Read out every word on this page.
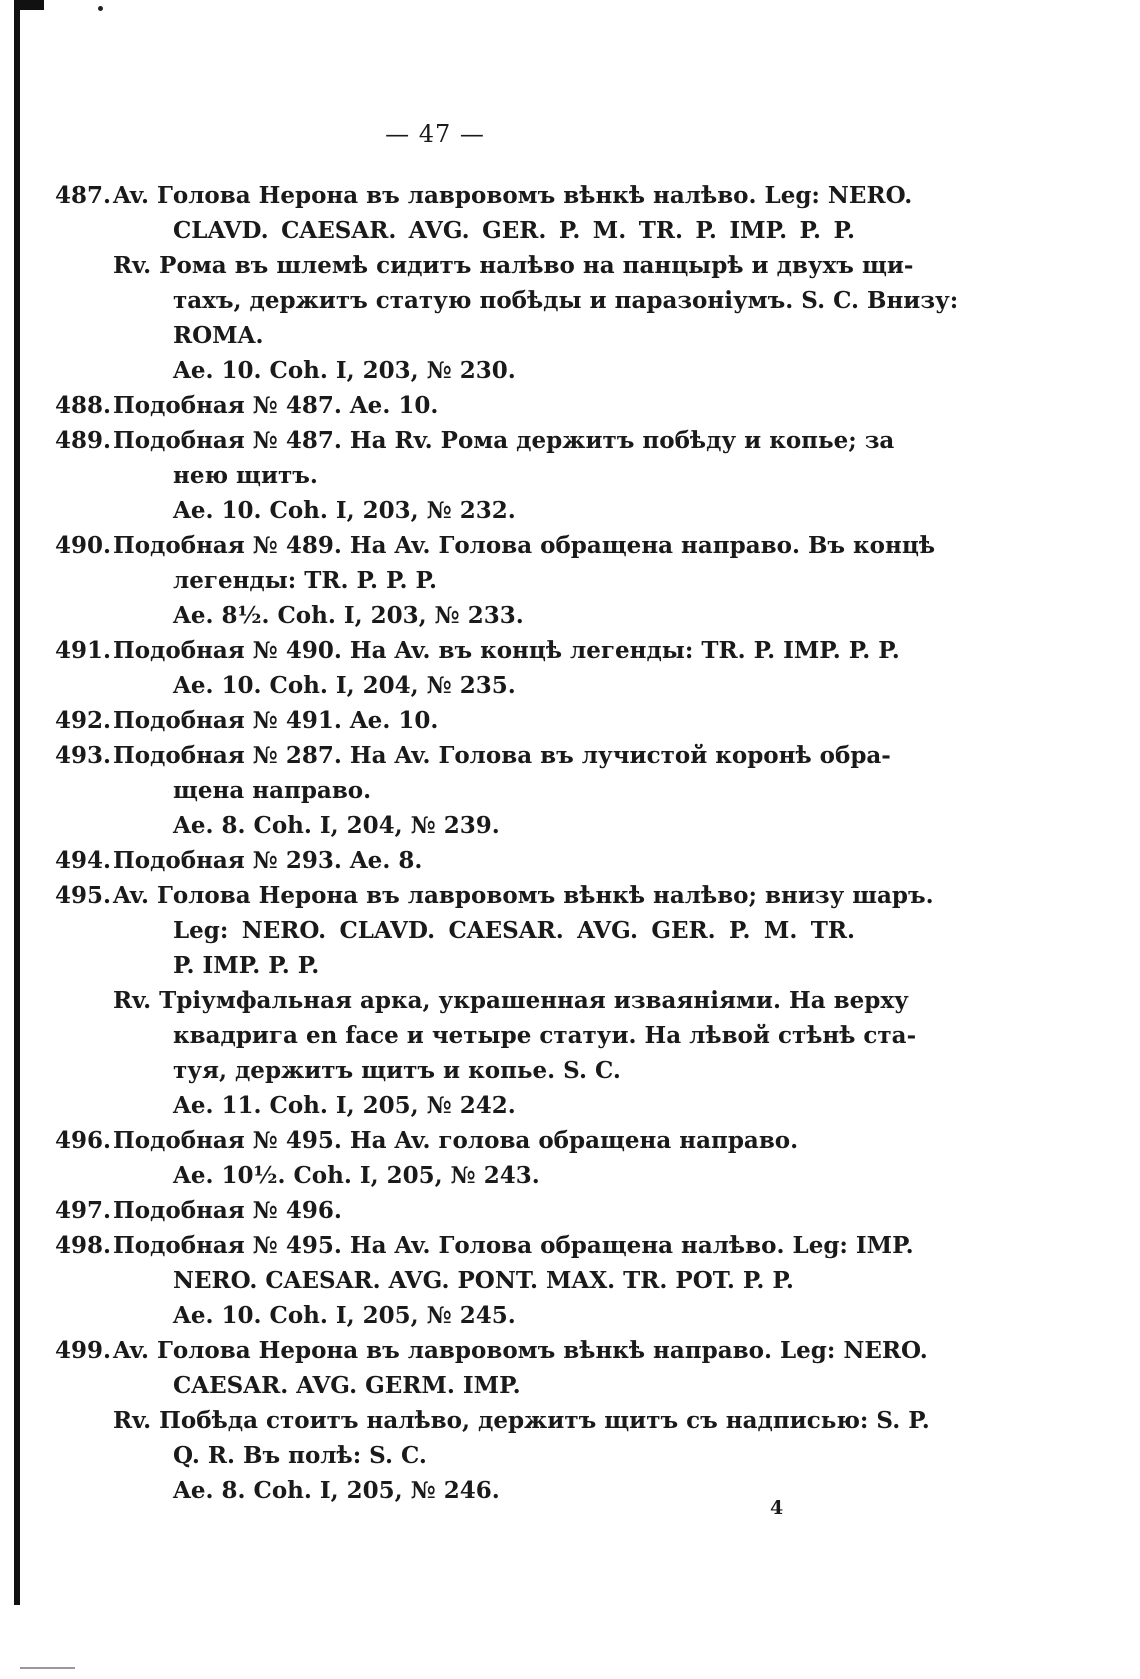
— 47 —
487. Av. Голова Нерона въ лавровомъ вѣнкѣ налѣво. Leg: NERO.
CLAVD. CAESAR. AVG. GER. P. M. TR. P. IMP. P. P.
Rv. Рома въ шлемѣ сидитъ налѣво на панцырѣ и двухъ щи-
тахъ, держитъ статую побѣды и паразоніумъ. S. C. Внизу:
ROMA.
Ae. 10. Coh. I, 203, № 230.
488. Подобная № 487. Ae. 10.
489. Подобная № 487. На Rv. Рома держитъ побѣду и копье; за
нею щитъ.
Ae. 10. Coh. I, 203, № 232.
490. Подобная № 489. На Av. Голова обращена направо. Въ концѣ
легенды: TR. P. P. P.
Ae. 8½. Coh. I, 203, № 233.
491. Подобная № 490. На Av. въ концѣ легенды: TR. P. IMP. P. P.
Ae. 10. Coh. I, 204, № 235.
492. Подобная № 491. Ae. 10.
493. Подобная № 287. На Av. Голова въ лучистой коронѣ обра-
щена направо.
Ae. 8. Coh. I, 204, № 239.
494. Подобная № 293. Ae. 8.
495. Av. Голова Нерона въ лавровомъ вѣнкѣ налѣво; внизу шаръ.
Leg: NERO. CLAVD. CAESAR. AVG. GER. P. M. TR.
P. IMP. P. P.
Rv. Тріумфальная арка, украшенная изваяніями. На верху
квадрига en face и четыре статуи. На лѣвой стѣнѣ ста-
туя, держитъ щитъ и копье. S. C.
Ae. 11. Coh. I, 205, № 242.
496. Подобная № 495. На Av. голова обращена направо.
Ae. 10½. Coh. I, 205, № 243.
497. Подобная № 496.
498. Подобная № 495. На Av. Голова обращена налѣво. Leg: IMP.
NERO. CAESAR. AVG. PONT. MAX. TR. POT. P. P.
Ae. 10. Coh. I, 205, № 245.
499. Av. Голова Нерона въ лавровомъ вѣнкѣ направо. Leg: NERO.
CAESAR. AVG. GERM. IMP.
Rv. Побѣда стоитъ налѣво, держитъ щитъ съ надписью: S. P.
Q. R. Въ полѣ: S. C.
Ae. 8. Coh. I, 205, № 246.
4
